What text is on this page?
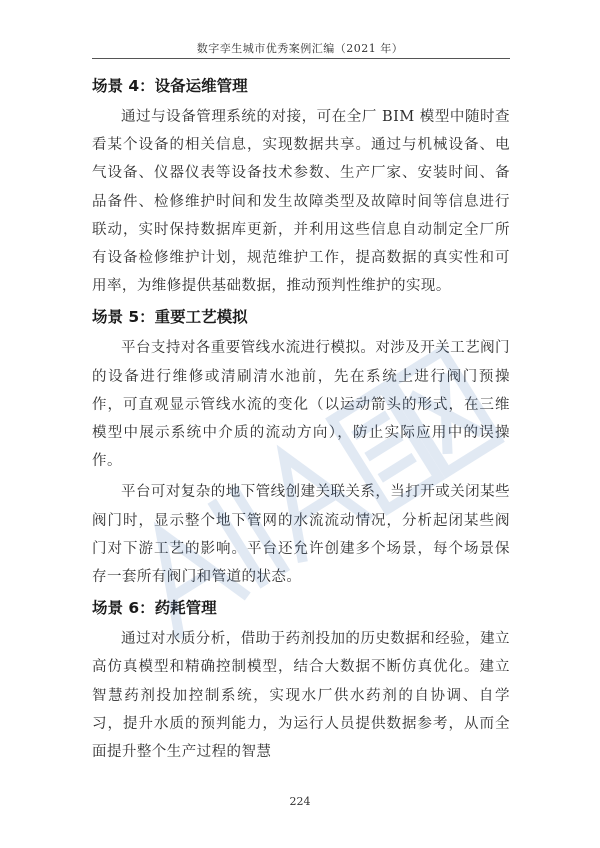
数字孪生城市优秀案例汇编（2021 年）
场景 4：设备运维管理

通过与设备管理系统的对接，可在全厂 BIM 模型中随时查看某个设备的相关信息，实现数据共享。通过与机械设备、电气设备、仪器仪表等设备技术参数、生产厂家、安装时间、备品备件、检修维护时间和发生故障类型及故障时间等信息进行联动，实时保持数据库更新，并利用这些信息自动制定全厂所有设备检修维护计划，规范维护工作，提高数据的真实性和可用率，为维修提供基础数据，推动预判性维护的实现。

场景 5：重要工艺模拟

平台支持对各重要管线水流进行模拟。对涉及开关工艺阀门的设备进行维修或清刷清水池前，先在系统上进行阀门预操作，可直观显示管线水流的变化（以运动箭头的形式，在三维模型中展示系统中介质的流动方向），防止实际应用中的误操作。

平台可对复杂的地下管线创建关联关系，当打开或关闭某些阀门时，显示整个地下管网的水流流动情况，分析起闭某些阀门对下游工艺的影响。平台还允许创建多个场景，每个场景保存一套所有阀门和管道的状态。

场景 6：药耗管理

通过对水质分析，借助于药剂投加的历史数据和经验，建立高仿真模型和精确控制模型，结合大数据不断仿真优化。建立智慧药剂投加控制系统，实现水厂供水药剂的自协调、自学习，提升水质的预判能力，为运行人员提供数据参考，从而全面提升整个生产过程的智慧

224
